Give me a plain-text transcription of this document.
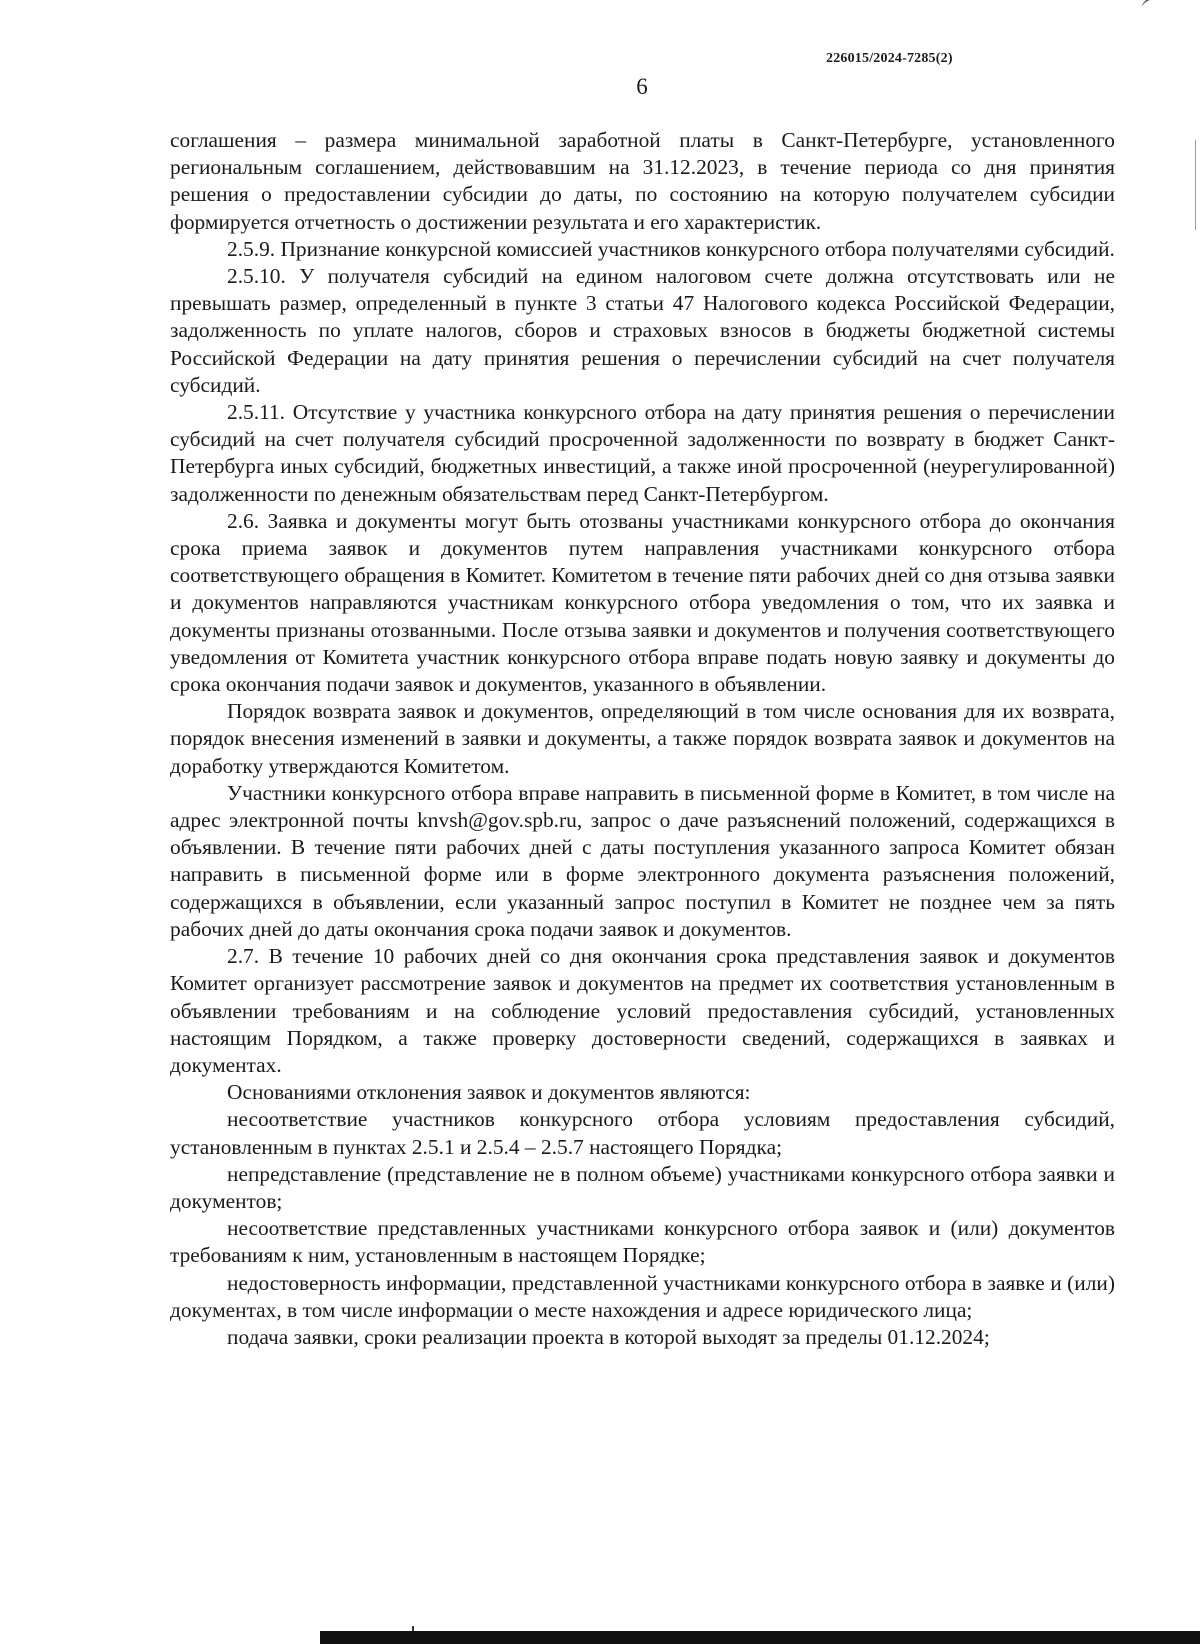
226015/2024-7285(2)
6

соглашения – размера минимальной заработной платы в Санкт-Петербурге, установленного региональным соглашением, действовавшим на 31.12.2023, в течение периода со дня принятия решения о предоставлении субсидии до даты, по состоянию на которую получателем субсидии формируется отчетность о достижении результата и его характеристик.

2.5.9. Признание конкурсной комиссией участников конкурсного отбора получателями субсидий.

2.5.10. У получателя субсидий на едином налоговом счете должна отсутствовать или не превышать размер, определенный в пункте 3 статьи 47 Налогового кодекса Российской Федерации, задолженность по уплате налогов, сборов и страховых взносов в бюджеты бюджетной системы Российской Федерации на дату принятия решения о перечислении субсидий на счет получателя субсидий.

2.5.11. Отсутствие у участника конкурсного отбора на дату принятия решения о перечислении субсидий на счет получателя субсидий просроченной задолженности по возврату в бюджет Санкт-Петербурга иных субсидий, бюджетных инвестиций, а также иной просроченной (неурегулированной) задолженности по денежным обязательствам перед Санкт-Петербургом.

2.6. Заявка и документы могут быть отозваны участниками конкурсного отбора до окончания срока приема заявок и документов путем направления участниками конкурсного отбора соответствующего обращения в Комитет. Комитетом в течение пяти рабочих дней со дня отзыва заявки и документов направляются участникам конкурсного отбора уведомления о том, что их заявка и документы признаны отозванными. После отзыва заявки и документов и получения соответствующего уведомления от Комитета участник конкурсного отбора вправе подать новую заявку и документы до срока окончания подачи заявок и документов, указанного в объявлении.

Порядок возврата заявок и документов, определяющий в том числе основания для их возврата, порядок внесения изменений в заявки и документы, а также порядок возврата заявок и документов на доработку утверждаются Комитетом.

Участники конкурсного отбора вправе направить в письменной форме в Комитет, в том числе на адрес электронной почты knvsh@gov.spb.ru, запрос о даче разъяснений положений, содержащихся в объявлении. В течение пяти рабочих дней с даты поступления указанного запроса Комитет обязан направить в письменной форме или в форме электронного документа разъяснения положений, содержащихся в объявлении, если указанный запрос поступил в Комитет не позднее чем за пять рабочих дней до даты окончания срока подачи заявок и документов.

2.7. В течение 10 рабочих дней со дня окончания срока представления заявок и документов Комитет организует рассмотрение заявок и документов на предмет их соответствия установленным в объявлении требованиям и на соблюдение условий предоставления субсидий, установленных настоящим Порядком, а также проверку достоверности сведений, содержащихся в заявках и документах.

Основаниями отклонения заявок и документов являются:

несоответствие участников конкурсного отбора условиям предоставления субсидий, установленным в пунктах 2.5.1 и 2.5.4 – 2.5.7 настоящего Порядка;

непредставление (представление не в полном объеме) участниками конкурсного отбора заявки и документов;

несоответствие представленных участниками конкурсного отбора заявок и (или) документов требованиям к ним, установленным в настоящем Порядке;

недостоверность информации, представленной участниками конкурсного отбора в заявке и (или) документах, в том числе информации о месте нахождения и адресе юридического лица;

подача заявки, сроки реализации проекта в которой выходят за пределы 01.12.2024;
